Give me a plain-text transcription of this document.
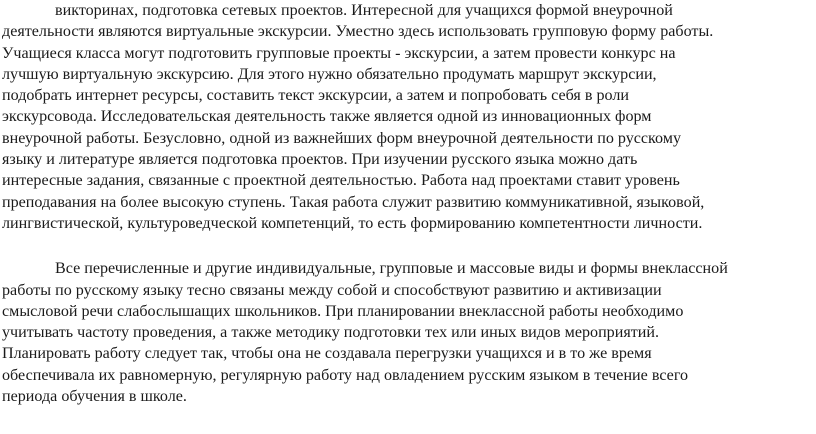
викторинах, подготовка сетевых проектов. Интересной для учащихся формой внеурочной
деятельности являются виртуальные экскурсии. Уместно здесь использовать групповую форму работы.
Учащиеся класса могут подготовить групповые проекты - экскурсии, а затем провести конкурс на
лучшую виртуальную экскурсию. Для этого нужно обязательно продумать маршрут экскурсии,
подобрать интернет ресурсы, составить текст экскурсии, а затем и попробовать себя в роли
экскурсовода. Исследовательская деятельность также является одной из инновационных форм
внеурочной работы. Безусловно, одной из важнейших форм внеурочной деятельности по русскому
языку и литературе является подготовка проектов. При изучении русского языка можно дать
интересные задания, связанные с проектной деятельностью. Работа над проектами ставит уровень
преподавания на более высокую ступень. Такая работа служит развитию коммуникативной, языковой,
лингвистической, культуроведческой компетенций, то есть формированию компетентности личности.
Все перечисленные и другие индивидуальные, групповые и массовые виды и формы внеклассной
работы по русскому языку тесно связаны между собой и способствуют развитию и активизации
смысловой речи слабослышащих школьников. При планировании внеклассной работы необходимо
учитывать частоту проведения, а также методику подготовки тех или иных видов мероприятий.
Планировать работу следует так, чтобы она не создавала перегрузки учащихся и в то же время
обеспечивала их равномерную, регулярную работу над овладением русским языком в течение всего
периода обучения в школе.
